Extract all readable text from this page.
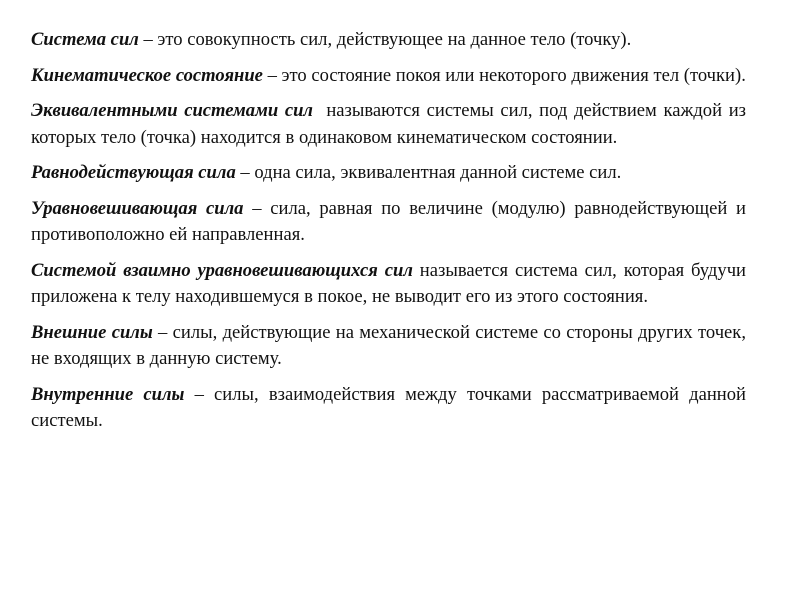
Система сил – это совокупность сил, действующее на данное тело (точку).

Кинематическое состояние – это состояние покоя или некоторого движения тел (точки).

Эквивалентными системами сил  называются системы сил, под действием каждой из которых тело (точка) находится в одинаковом кинематическом состоянии.

Равнодействующая сила – одна сила, эквивалентная данной системе сил.

Уравновешивающая сила – сила, равная по величине (модулю) равнодействующей и противоположно ей направленная.

Системой взаимно уравновешивающихся сил называется система сил, которая будучи приложена к телу находившемуся в покое, не выводит его из этого состояния.

Внешние силы – силы, действующие на механической системе со стороны других точек, не входящих в данную систему.

Внутренние силы – силы, взаимодействия между точками рассматриваемой данной системы.
